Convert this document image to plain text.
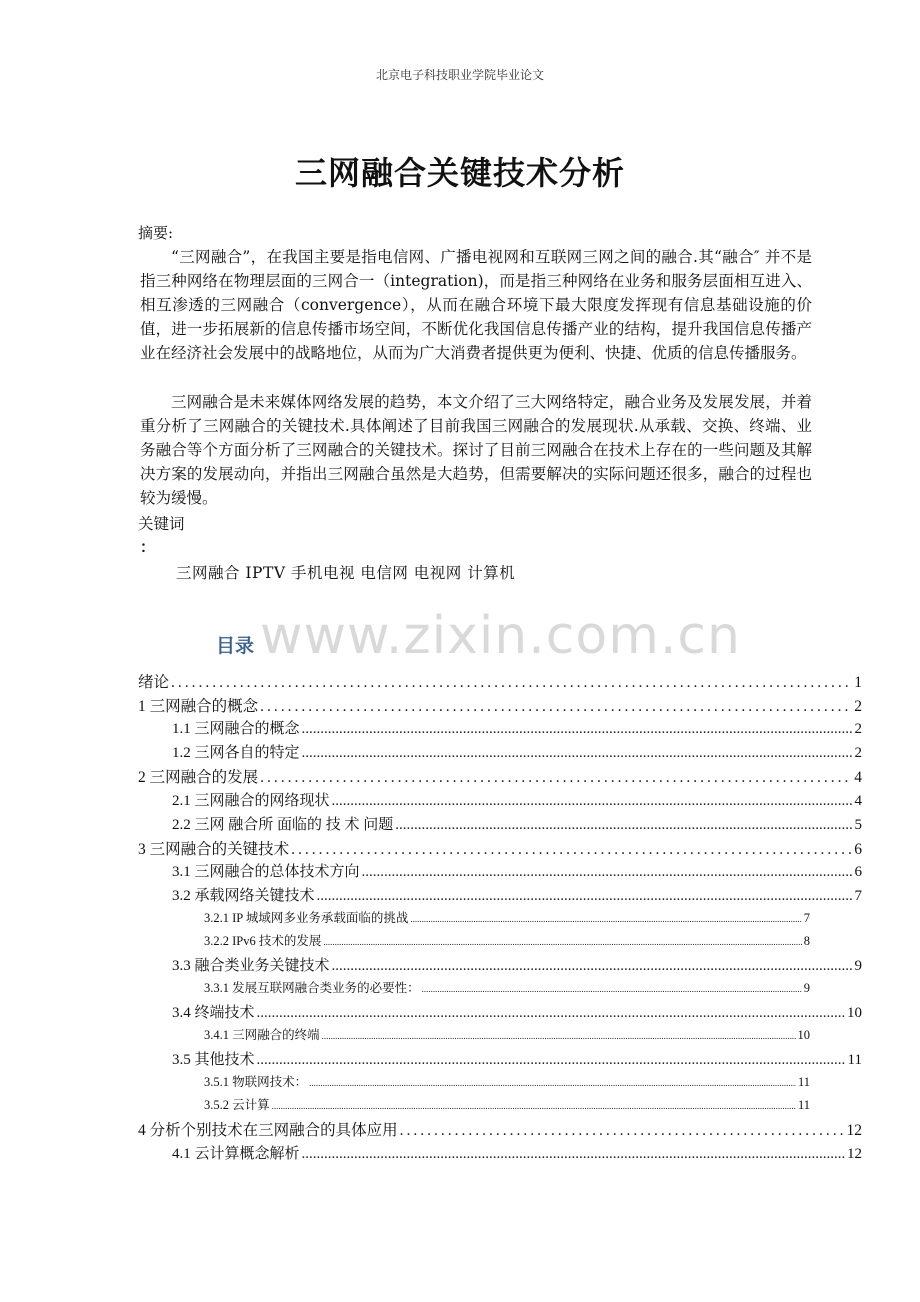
北京电子科技职业学院毕业论文
三网融合关键技术分析
摘要:

“三网融合”，在我国主要是指电信网、广播电视网和互联网三网之间的融合.其“融合″ 并不是指三种网络在物理层面的三网合一（integration)，而是指三种网络在业务和服务层面相互进入、相互渗透的三网融合（convergence），从而在融合环境下最大限度发挥现有信息基础设施的价值，进一步拓展新的信息传播市场空间，不断优化我国信息传播产业的结构，提升我国信息传播产业在经济社会发展中的战略地位，从而为广大消费者提供更为便利、快捷、优质的信息传播服务。

三网融合是未来媒体网络发展的趋势，本文介绍了三大网络特定，融合业务及发展发展，并着重分析了三网融合的关键技术.具体阐述了目前我国三网融合的发展现状.从承载、交换、终端、业务融合等个方面分析了三网融合的关键技术。探讨了目前三网融合在技术上存在的一些问题及其解决方案的发展动向，并指出三网融合虽然是大趋势，但需要解决的实际问题还很多，融合的过程也较为缓慢。

关键词
：
三网融合 IPTV 手机电视 电信网 电视网 计算机
www.zixin.com.cn
目录
绪论 .....	1
1 三网融合的概念 .....	2
1.1 三网融合的概念 .....	2
1.2 三网各自的特定 .....	2
2 三网融合的发展 .....	4
2.1 三网融合的网络现状 .....	4
2.2 三网 融合所 面临的 技 术 问题 .....	5
3 三网融合的关键技术 .....	6
3.1 三网融合的总体技术方向 .....	6
3.2 承载网络关键技术 .....	7
3.2.1 IP 城域网多业务承载面临的挑战 .....	7
3.2.2 IPv6 技术的发展 .....	8
3.3 融合类业务关键技术 .....	9
3.3.1 发展互联网融合类业务的必要性： .....	9
3.4 终端技术 .....	10
3.4.1 三网融合的终端 .....	10
3.5 其他技术 .....	11
3.5.1 物联网技术： .....	11
3.5.2 云计算 .....	11
4 分析个别技术在三网融合的具体应用 .....	12
4.1 云计算概念解析 .....	12
